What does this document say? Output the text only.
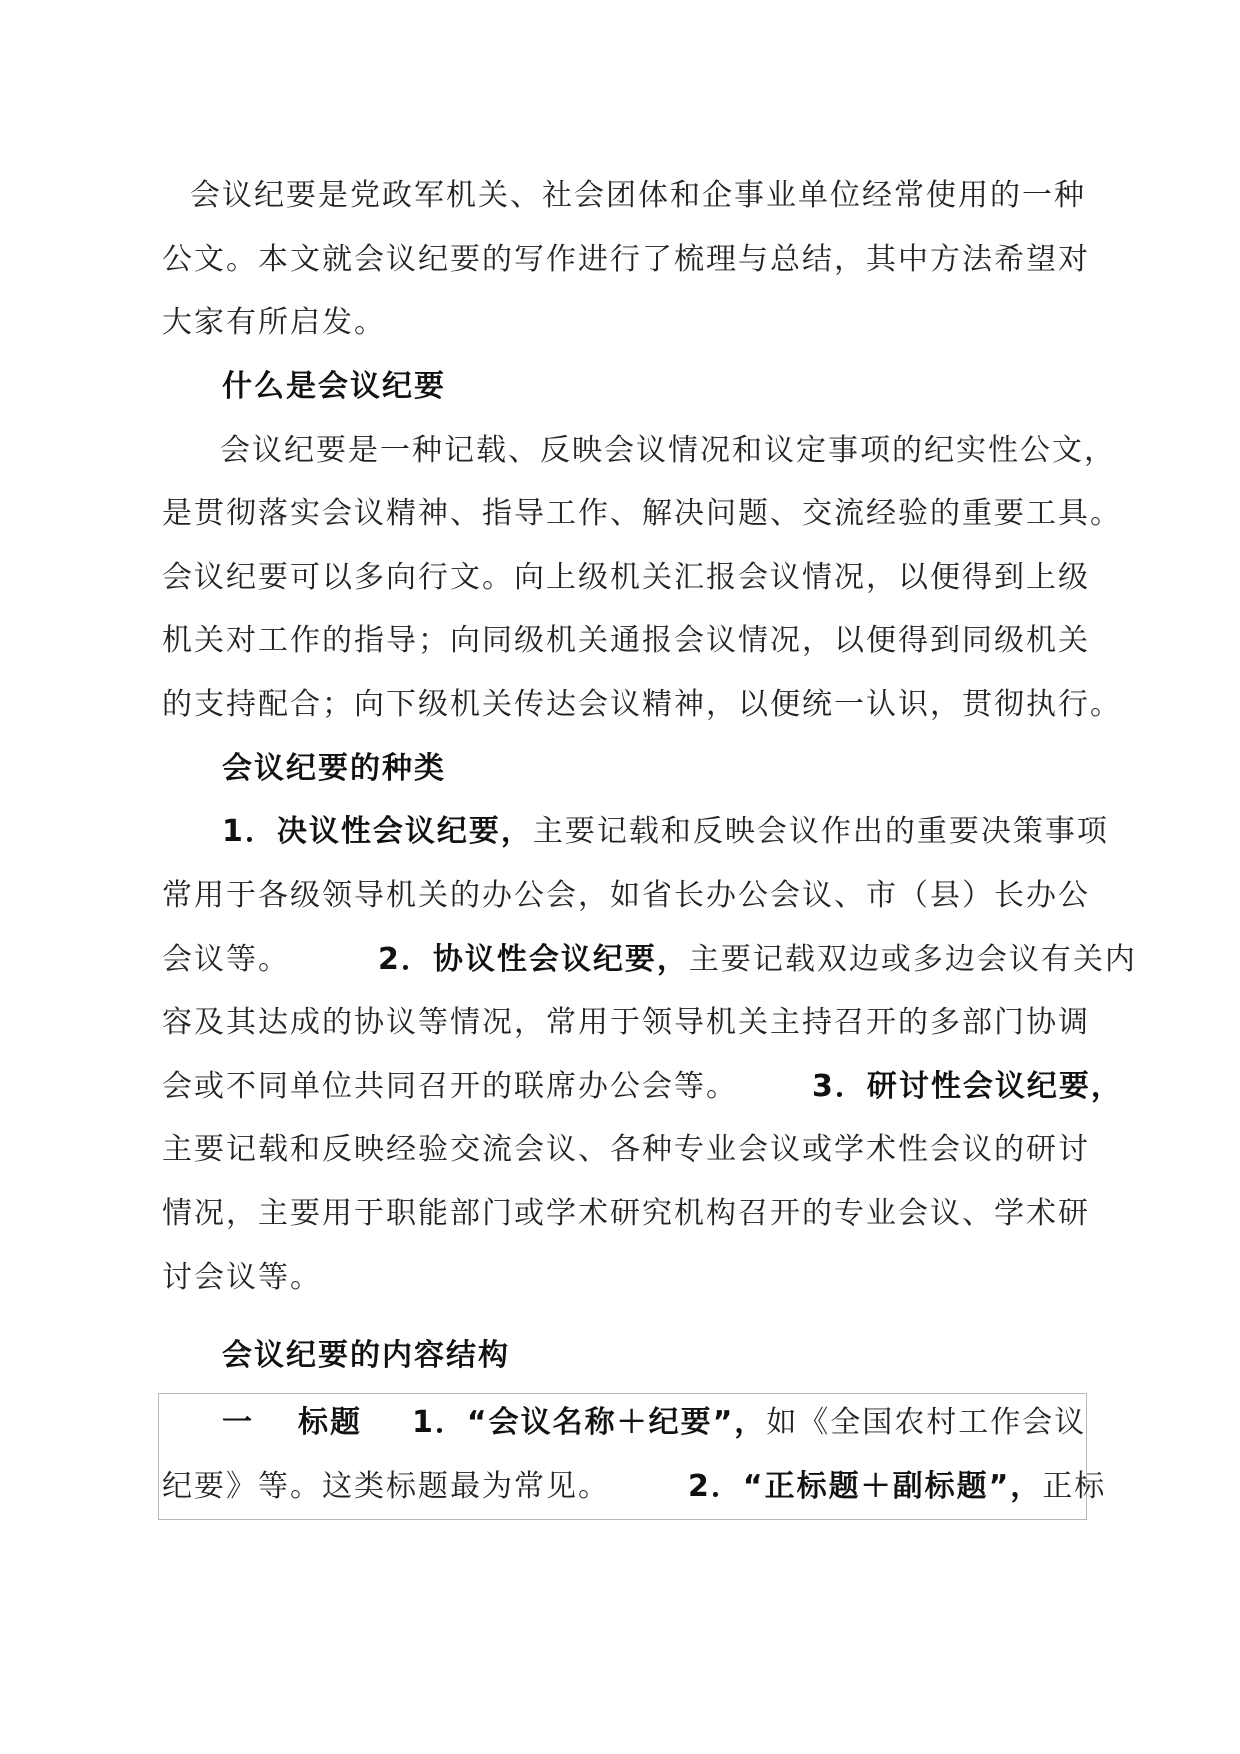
会议纪要是党政军机关、社会团体和企事业单位经常使用的一种
公文。本文就会议纪要的写作进行了梳理与总结，其中方法希望对
大家有所启发。
什么是会议纪要
会议纪要是一种记载、反映会议情况和议定事项的纪实性公文，
是贯彻落实会议精神、指导工作、解决问题、交流经验的重要工具。
会议纪要可以多向行文。向上级机关汇报会议情况，以便得到上级
机关对工作的指导；向同级机关通报会议情况，以便得到同级机关
的支持配合；向下级机关传达会议精神，以便统一认识，贯彻执行。
会议纪要的种类
1．决议性会议纪要，主要记载和反映会议作出的重要决策事项
常用于各级领导机关的办公会，如省长办公会议、市（县）长办公
会议等。	2．协议性会议纪要，主要记载双边或多边会议有关内
容及其达成的协议等情况，常用于领导机关主持召开的多部门协调
会或不同单位共同召开的联席办公会等。 3．研讨性会议纪要，
主要记载和反映经验交流会议、各种专业会议或学术性会议的研讨
情况，主要用于职能部门或学术研究机构召开的专业会议、学术研
讨会议等。
会议纪要的内容结构
一 标题 1．“会议名称＋纪要”，如《全国农村工作会议
纪要》等。这类标题最为常见。	2．“正标题＋副标题”，正标
